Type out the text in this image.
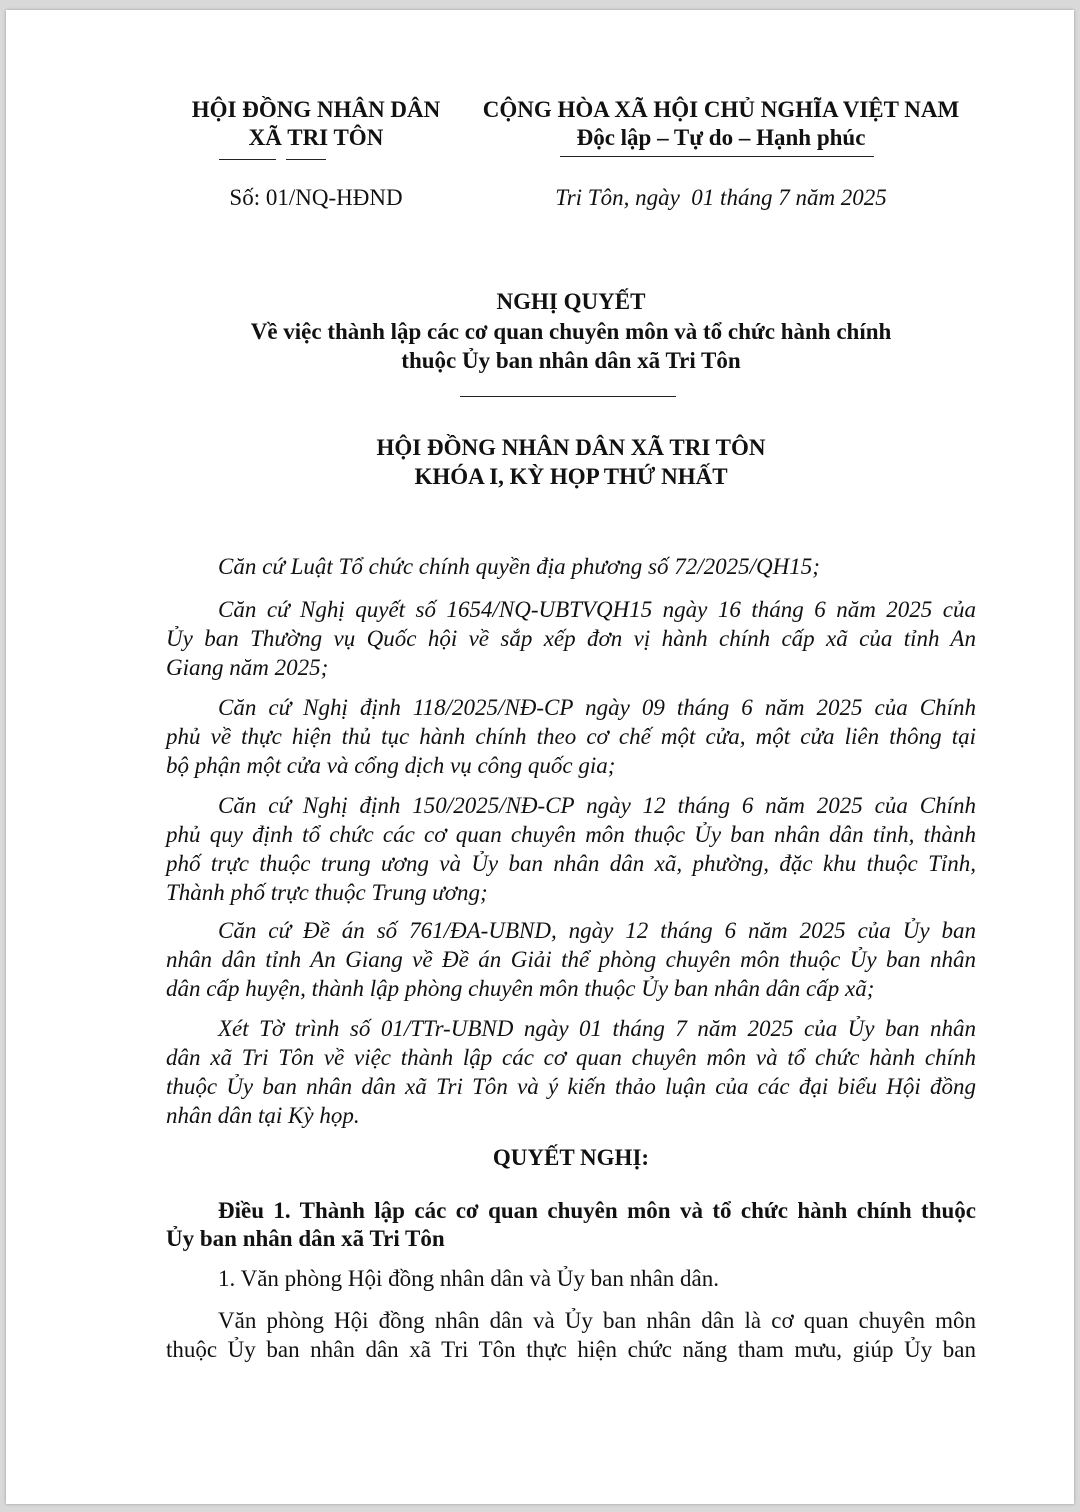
HỘI ĐỒNG NHÂN DÂN
XÃ TRI TÔN
CỘNG HÒA XÃ HỘI CHỦ NGHĨA VIỆT NAM
Độc lập – Tự do – Hạnh phúc
Số: 01/NQ-HĐND	Tri Tôn, ngày  01 tháng 7 năm 2025
NGHỊ QUYẾT
Về việc thành lập các cơ quan chuyên môn và tổ chức hành chính
thuộc Ủy ban nhân dân xã Tri Tôn
HỘI ĐỒNG NHÂN DÂN XÃ TRI TÔN
KHÓA I, KỲ HỌP THỨ NHẤT
Căn cứ Luật Tổ chức chính quyền địa phương số 72/2025/QH15;
Căn cứ Nghị quyết số 1654/NQ-UBTVQH15 ngày 16 tháng 6 năm 2025 của
Ủy ban Thường vụ Quốc hội về sắp xếp đơn vị hành chính cấp xã của tỉnh An
Giang năm 2025;
Căn cứ Nghị định 118/2025/NĐ-CP ngày 09 tháng 6 năm 2025 của Chính
phủ về thực hiện thủ tục hành chính theo cơ chế một cửa, một cửa liên thông tại
bộ phận một cửa và cổng dịch vụ công quốc gia;
Căn cứ Nghị định 150/2025/NĐ-CP ngày 12 tháng 6 năm 2025 của Chính
phủ quy định tổ chức các cơ quan chuyên môn thuộc Ủy ban nhân dân tỉnh, thành
phố trực thuộc trung ương và Ủy ban nhân dân xã, phường, đặc khu thuộc Tỉnh,
Thành phố trực thuộc Trung ương;
Căn cứ Đề án số 761/ĐA-UBND, ngày 12 tháng 6 năm 2025 của Ủy ban
nhân dân tỉnh An Giang về Đề án Giải thể phòng chuyên môn thuộc Ủy ban nhân
dân cấp huyện, thành lập phòng chuyên môn thuộc Ủy ban nhân dân cấp xã;
Xét Tờ trình số 01/TTr-UBND ngày 01 tháng 7 năm 2025 của Ủy ban nhân
dân xã Tri Tôn về việc thành lập các cơ quan chuyên môn và tổ chức hành chính
thuộc Ủy ban nhân dân xã Tri Tôn và ý kiến thảo luận của các đại biểu Hội đồng
nhân dân tại Kỳ họp.
QUYẾT NGHỊ:
Điều 1. Thành lập các cơ quan chuyên môn và tổ chức hành chính thuộc
Ủy ban nhân dân xã Tri Tôn
1. Văn phòng Hội đồng nhân dân và Ủy ban nhân dân.
Văn phòng Hội đồng nhân dân và Ủy ban nhân dân là cơ quan chuyên môn
thuộc Ủy ban nhân dân xã Tri Tôn thực hiện chức năng tham mưu, giúp Ủy ban
